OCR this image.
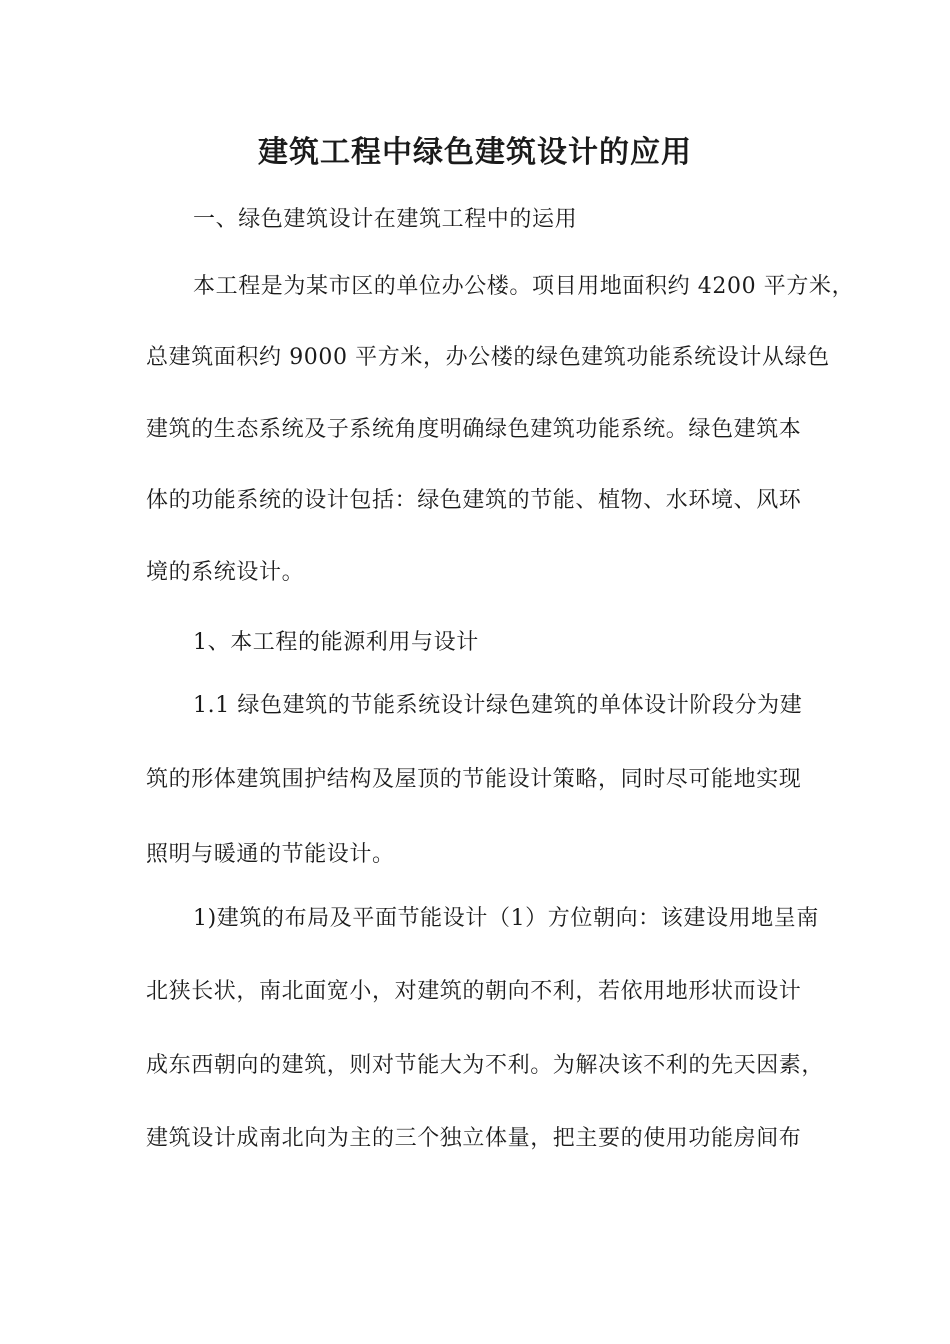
建筑工程中绿色建筑设计的应用
一、绿色建筑设计在建筑工程中的运用
本工程是为某市区的单位办公楼。项目用地面积约 4200 平方米，
总建筑面积约 9000 平方米，办公楼的绿色建筑功能系统设计从绿色
建筑的生态系统及子系统角度明确绿色建筑功能系统。绿色建筑本
体的功能系统的设计包括：绿色建筑的节能、植物、水环境、风环
境的系统设计。
1、本工程的能源利用与设计
1.1 绿色建筑的节能系统设计绿色建筑的单体设计阶段分为建
筑的形体建筑围护结构及屋顶的节能设计策略，同时尽可能地实现
照明与暖通的节能设计。
1)建筑的布局及平面节能设计（1）方位朝向：该建设用地呈南
北狭长状，南北面宽小，对建筑的朝向不利，若依用地形状而设计
成东西朝向的建筑，则对节能大为不利。为解决该不利的先天因素，
建筑设计成南北向为主的三个独立体量，把主要的使用功能房间布
